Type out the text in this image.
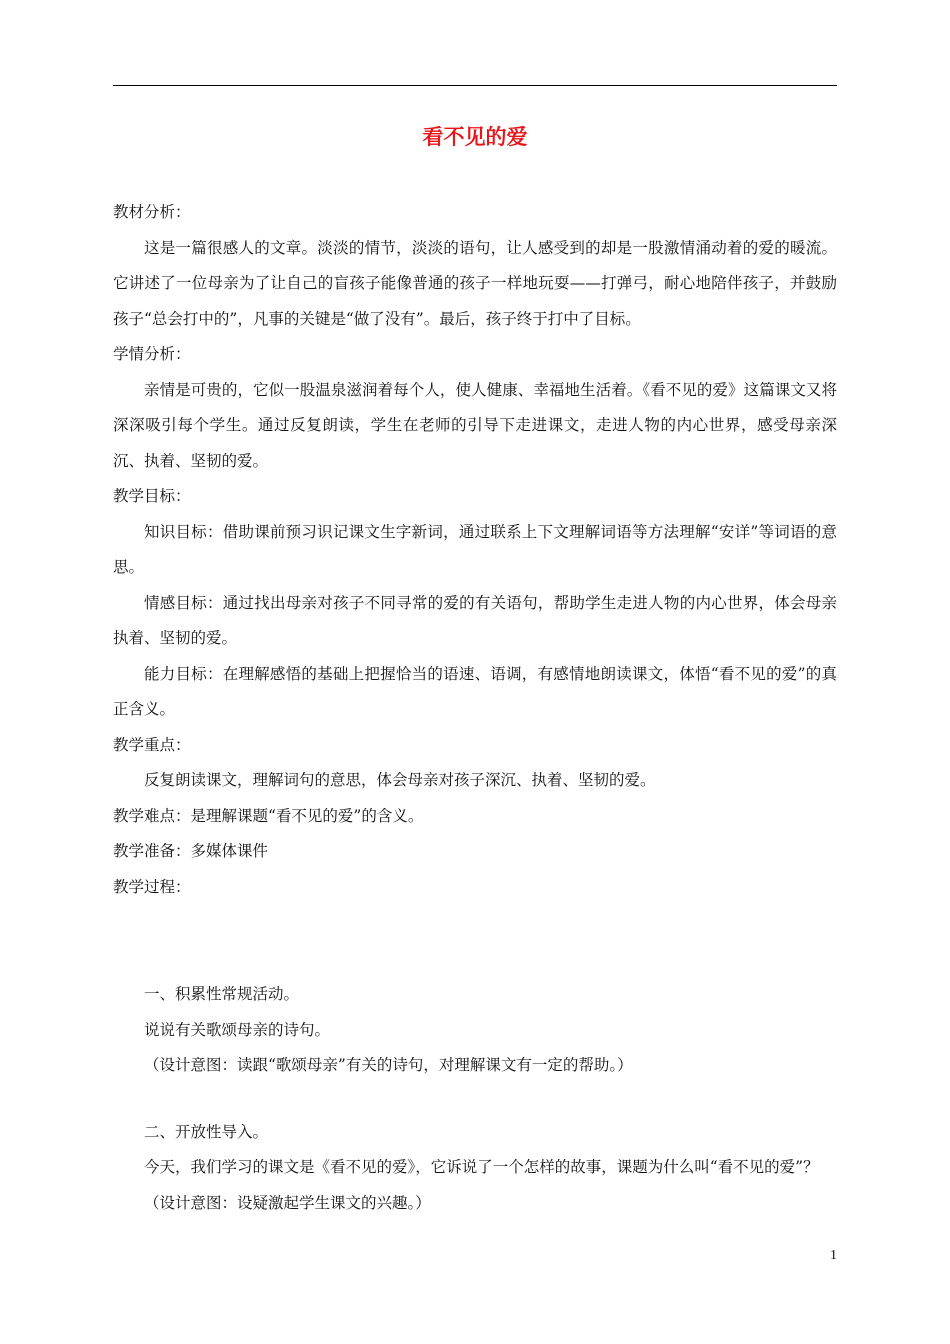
看不见的爱

教材分析：

这是一篇很感人的文章。淡淡的情节，淡淡的语句，让人感受到的却是一股激情涌动着的爱的暖流。它讲述了一位母亲为了让自己的盲孩子能像普通的孩子一样地玩耍——打弹弓，耐心地陪伴孩子，并鼓励孩子“总会打中的”，凡事的关键是“做了没有”。最后，孩子终于打中了目标。

学情分析：

亲情是可贵的，它似一股温泉滋润着每个人，使人健康、幸福地生活着。《看不见的爱》这篇课文又将深深吸引每个学生。通过反复朗读，学生在老师的引导下走进课文，走进人物的内心世界，感受母亲深沉、执着、坚韧的爱。

教学目标：

知识目标：借助课前预习识记课文生字新词，通过联系上下文理解词语等方法理解“安详”等词语的意思。

情感目标：通过找出母亲对孩子不同寻常的爱的有关语句，帮助学生走进人物的内心世界，体会母亲执着、坚韧的爱。

能力目标：在理解感悟的基础上把握恰当的语速、语调，有感情地朗读课文，体悟“看不见的爱”的真正含义。

教学重点：

反复朗读课文，理解词句的意思，体会母亲对孩子深沉、执着、坚韧的爱。

教学难点：是理解课题“看不见的爱”的含义。

教学准备：多媒体课件

教学过程：

一、积累性常规活动。

说说有关歌颂母亲的诗句。

（设计意图：读跟“歌颂母亲”有关的诗句，对理解课文有一定的帮助。）

二、开放性导入。

今天，我们学习的课文是《看不见的爱》，它诉说了一个怎样的故事，课题为什么叫“看不见的爱”？

（设计意图：设疑激起学生课文的兴趣。）

1
